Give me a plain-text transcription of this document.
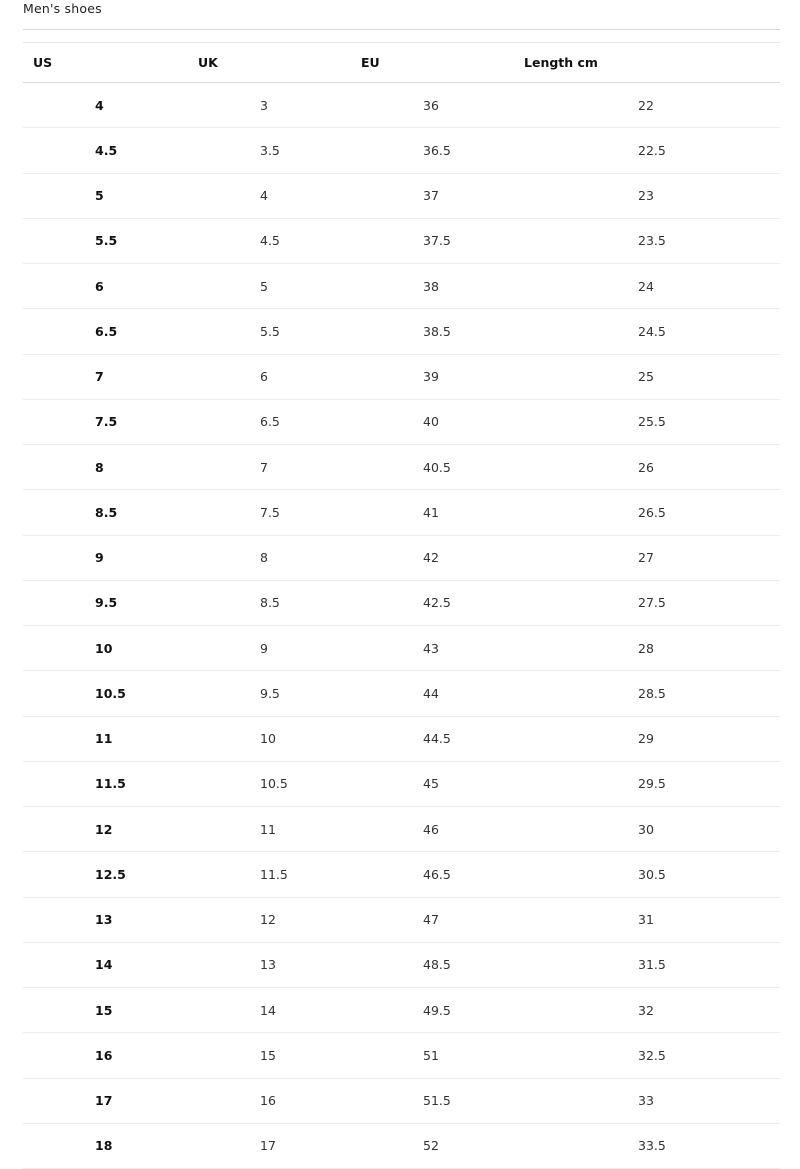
Men's shoes
US	UK	EU	Length cm
4	3	36	22
4.5	3.5	36.5	22.5
5	4	37	23
5.5	4.5	37.5	23.5
6	5	38	24
6.5	5.5	38.5	24.5
7	6	39	25
7.5	6.5	40	25.5
8	7	40.5	26
8.5	7.5	41	26.5
9	8	42	27
9.5	8.5	42.5	27.5
10	9	43	28
10.5	9.5	44	28.5
11	10	44.5	29
11.5	10.5	45	29.5
12	11	46	30
12.5	11.5	46.5	30.5
13	12	47	31
14	13	48.5	31.5
15	14	49.5	32
16	15	51	32.5
17	16	51.5	33
18	17	52	33.5
